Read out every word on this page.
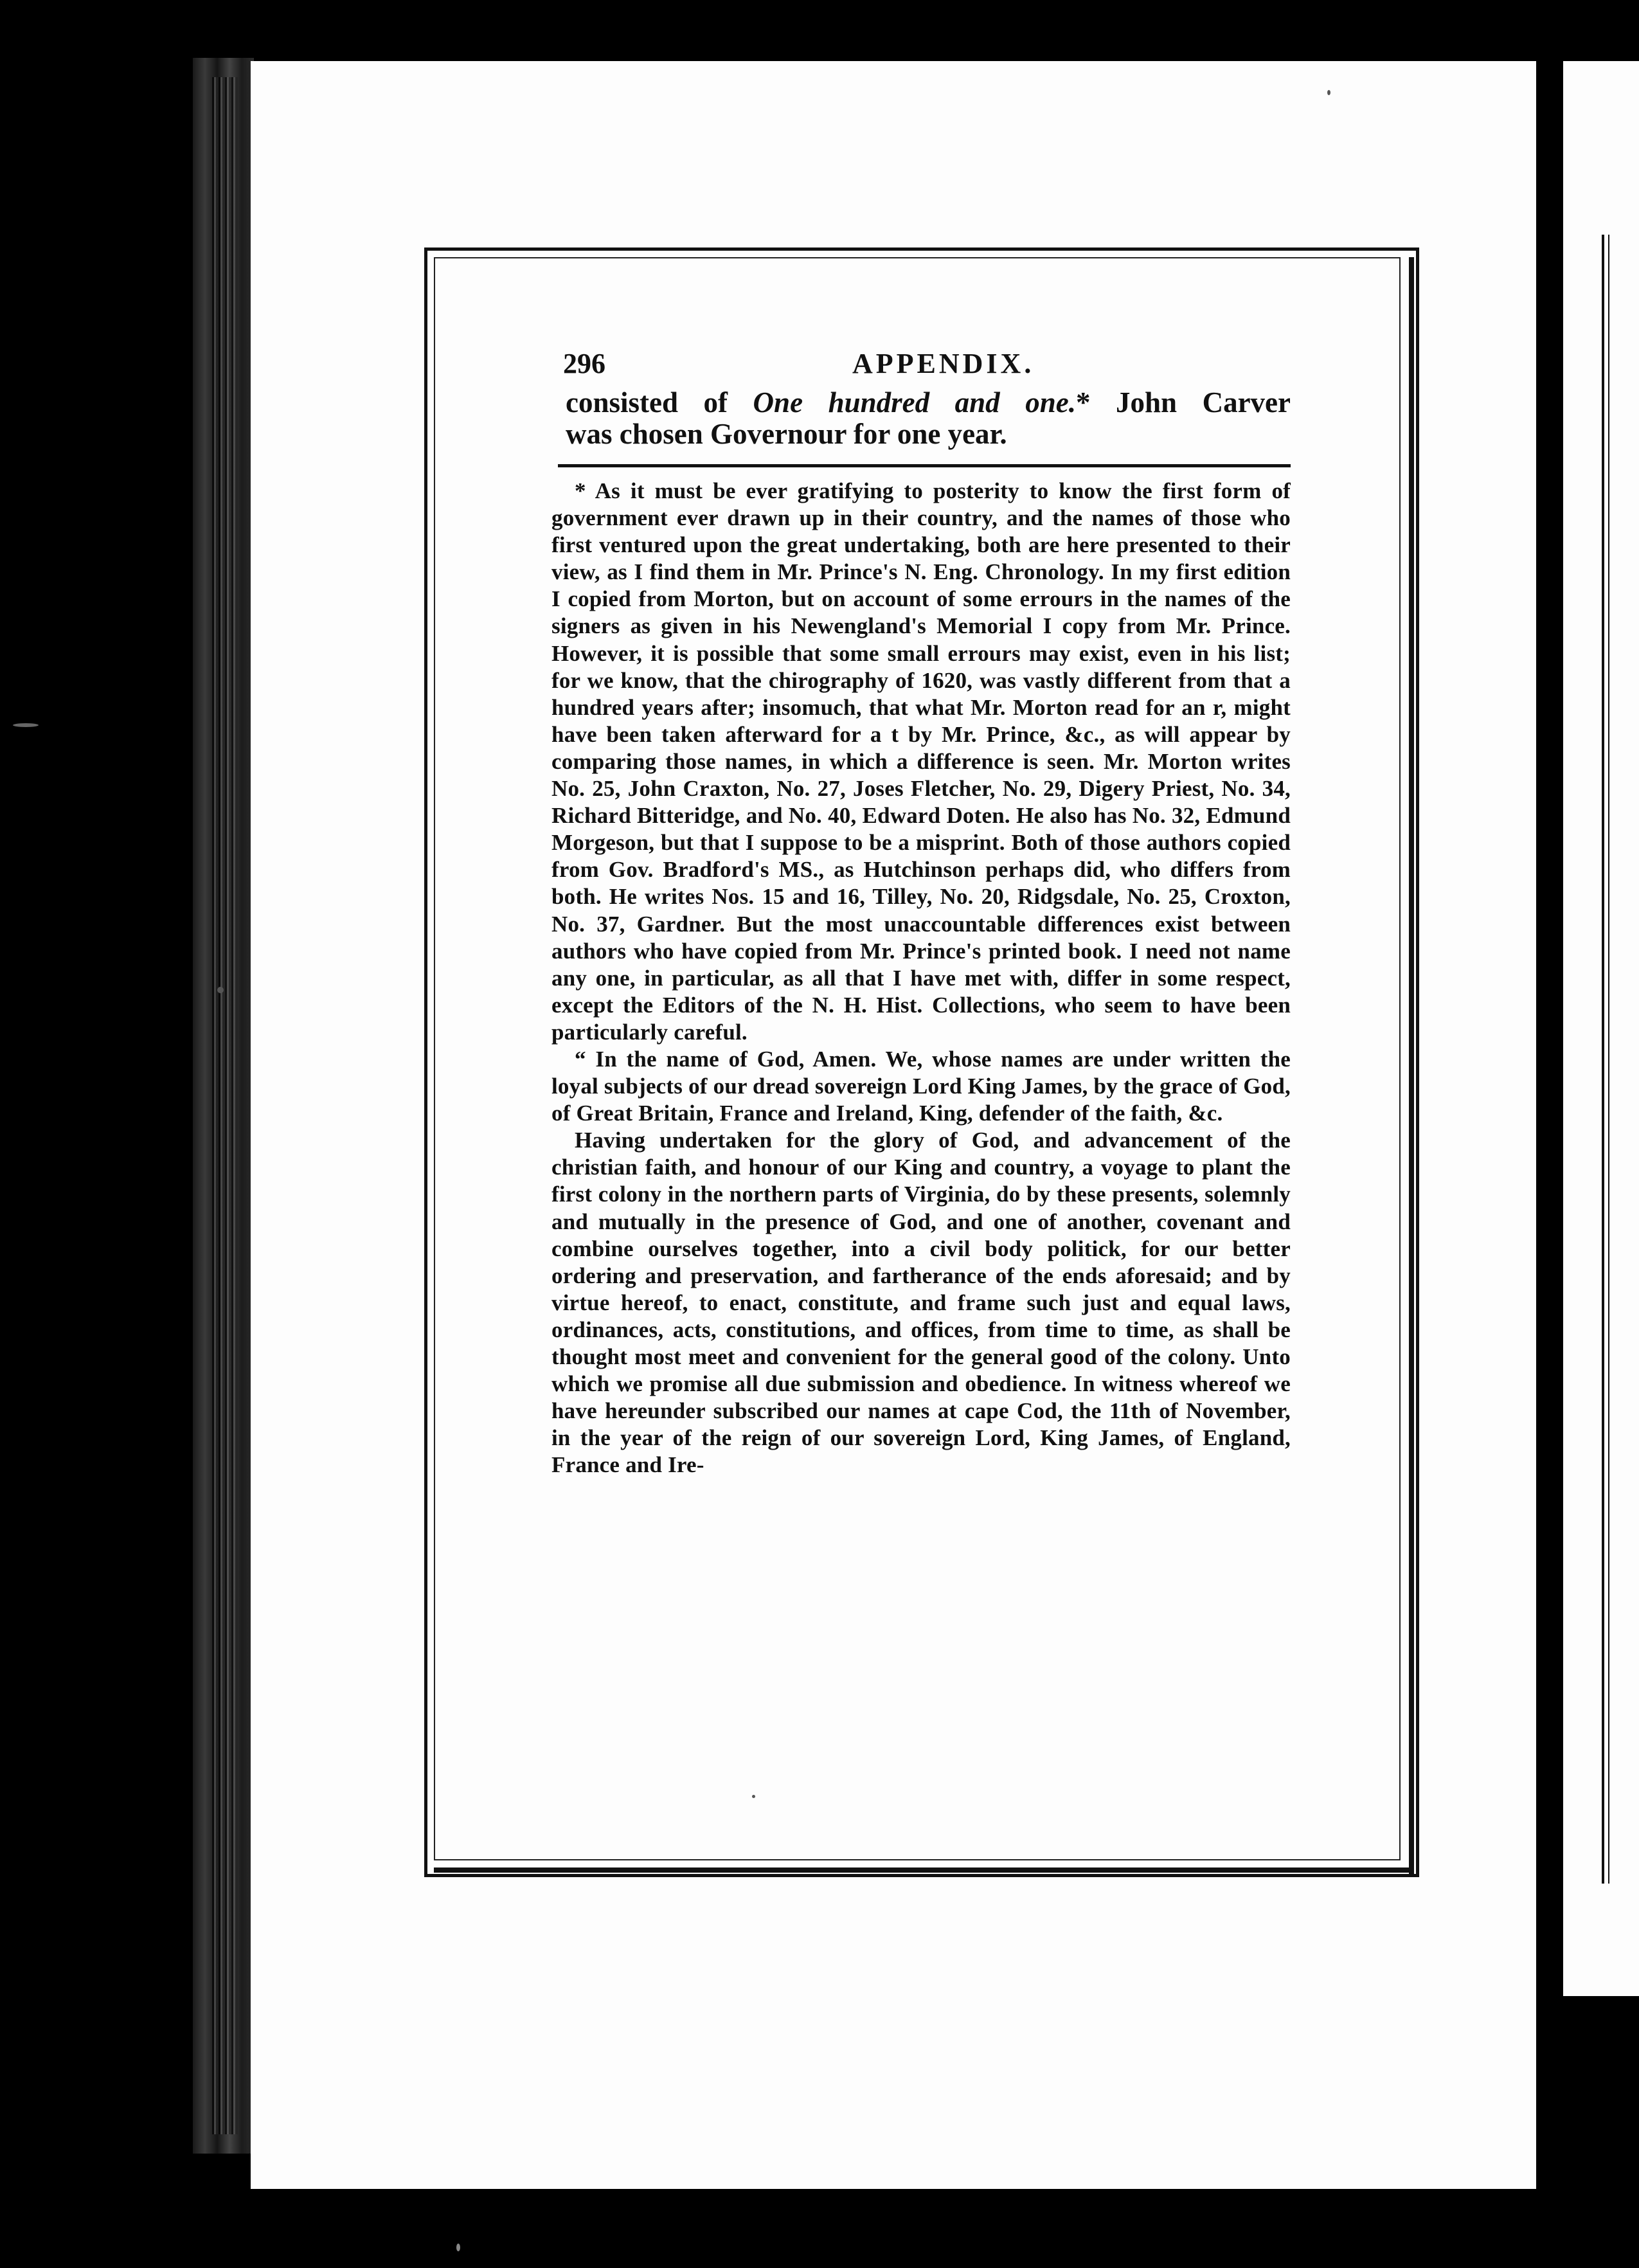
296	APPENDIX.

consisted of One hundred and one.* John Carver

was chosen Governour for one year.

* As it must be ever gratifying to posterity to know the first form of government ever drawn up in their country, and the names of those who first ventured upon the great undertaking, both are here presented to their view, as I find them in Mr. Prince's N. Eng. Chronology. In my first edition I copied from Morton, but on account of some errours in the names of the signers as given in his Newengland's Memorial I copy from Mr. Prince. However, it is possible that some small errours may exist, even in his list; for we know, that the chirography of 1620, was vastly different from that a hundred years after; insomuch, that what Mr. Morton read for an r, might have been taken afterward for a t by Mr. Prince, &c., as will appear by comparing those names, in which a difference is seen. Mr. Morton writes No. 25, John Craxton, No. 27, Joses Fletcher, No. 29, Digery Priest, No. 34, Richard Bitteridge, and No. 40, Edward Doten. He also has No. 32, Edmund Morgeson, but that I suppose to be a misprint. Both of those authors copied from Gov. Bradford's MS., as Hutchinson perhaps did, who differs from both. He writes Nos. 15 and 16, Tilley, No. 20, Ridgsdale, No. 25, Croxton, No. 37, Gardner. But the most unaccountable differences exist between authors who have copied from Mr. Prince's printed book. I need not name any one, in particular, as all that I have met with, differ in some respect, except the Editors of the N. H. Hist. Collections, who seem to have been particularly careful.

“ In the name of God, Amen. We, whose names are under written the loyal subjects of our dread sovereign Lord King James, by the grace of God, of Great Britain, France and Ireland, King, defender of the faith, &c.

Having undertaken for the glory of God, and advancement of the christian faith, and honour of our King and country, a voyage to plant the first colony in the northern parts of Virginia, do by these presents, solemnly and mutually in the presence of God, and one of another, covenant and combine ourselves together, into a civil body politick, for our better ordering and preservation, and fartherance of the ends aforesaid; and by virtue hereof, to enact, constitute, and frame such just and equal laws, ordinances, acts, constitutions, and offices, from time to time, as shall be thought most meet and convenient for the general good of the colony. Unto which we promise all due submission and obedience. In witness whereof we have hereunder subscribed our names at cape Cod, the 11th of November, in the year of the reign of our sovereign Lord, King James, of England, France and Ire-
